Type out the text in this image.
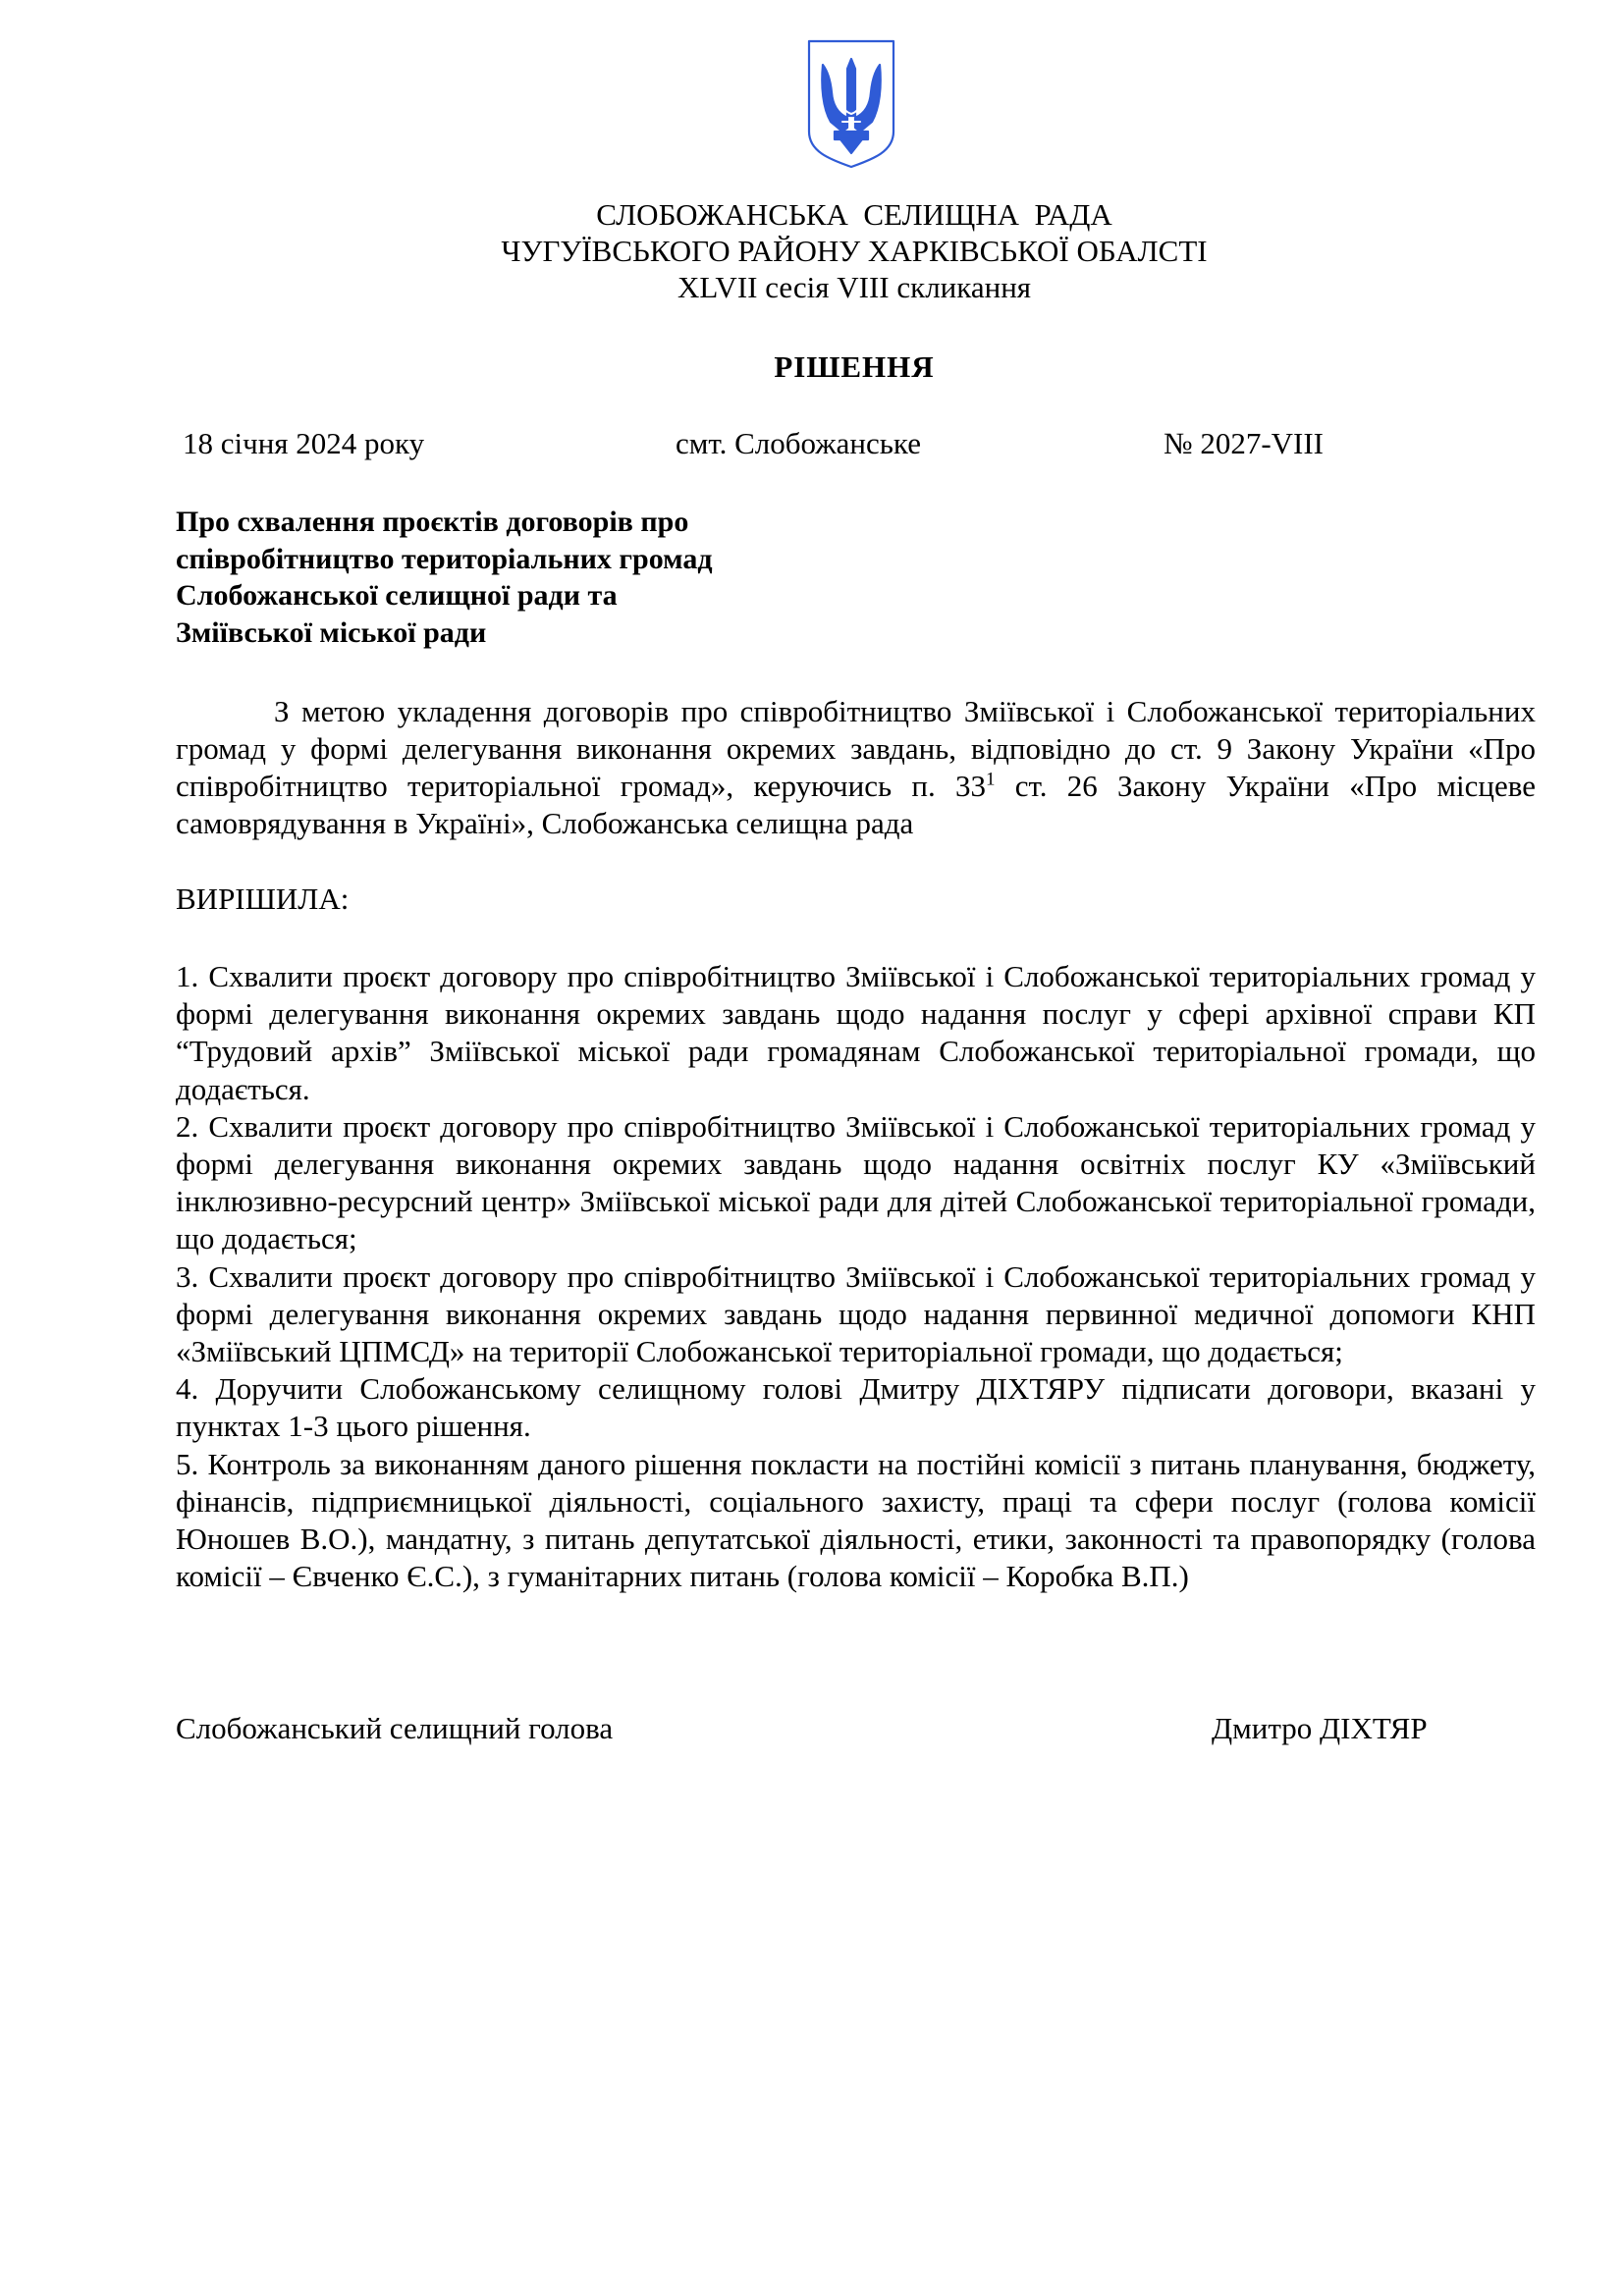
СЛОБОЖАНСЬКА  СЕЛИЩНА  РАДА
ЧУГУЇВСЬКОГО РАЙОНУ ХАРКІВСЬКОЇ ОБАЛСТІ
XLVII сесія VIII скликання
РІШЕННЯ
18 січня 2024 року	смт. Слобожанське	№ 2027-VIII
Про схвалення проєктів договорів про
співробітництво територіальних громад
Слобожанської селищної ради та
Зміївської міської ради
З метою укладення договорів про співробітництво Зміївської і Слобожанської територіальних громад у формі делегування виконання окремих завдань, відповідно до ст. 9 Закону України «Про співробітництво територіальної громад», керуючись п. $33^1$ ст. 26 Закону України «Про місцеве самоврядування в Україні», Слобожанська селищна рада
ВИРІШИЛА:

1. Схвалити проєкт договору про співробітництво Зміївської і Слобожанської територіальних громад у формі делегування виконання окремих завдань щодо надання послуг у сфері архівної справи КП “Трудовий архів” Зміївської міської ради громадянам Слобожанської територіальної громади, що додається.

2. Схвалити проєкт договору про співробітництво Зміївської і Слобожанської територіальних громад у формі делегування виконання окремих завдань щодо надання освітніх послуг КУ «Зміївський інклюзивно-ресурсний центр» Зміївської міської ради для дітей Слобожанської територіальної громади, що додається;

3. Схвалити проєкт договору про співробітництво Зміївської і Слобожанської територіальних громад у формі делегування виконання окремих завдань щодо надання первинної медичної допомоги КНП «Зміївський ЦПМСД» на території Слобожанської територіальної громади, що додається;

4. Доручити Слобожанському селищному голові Дмитру ДІХТЯРУ підписати договори, вказані у пунктах 1-3 цього рішення.

5. Контроль за виконанням даного рішення покласти на постійні комісії з питань планування, бюджету, фінансів, підприємницької діяльності, соціального захисту, праці та сфери послуг (голова комісії Юношев В.О.), мандатну, з питань депутатської діяльності, етики, законності та правопорядку (голова комісії – Євченко Є.С.), з гуманітарних питань (голова комісії – Коробка В.П.)

Слобожанський селищний голова	Дмитро ДІХТЯР
